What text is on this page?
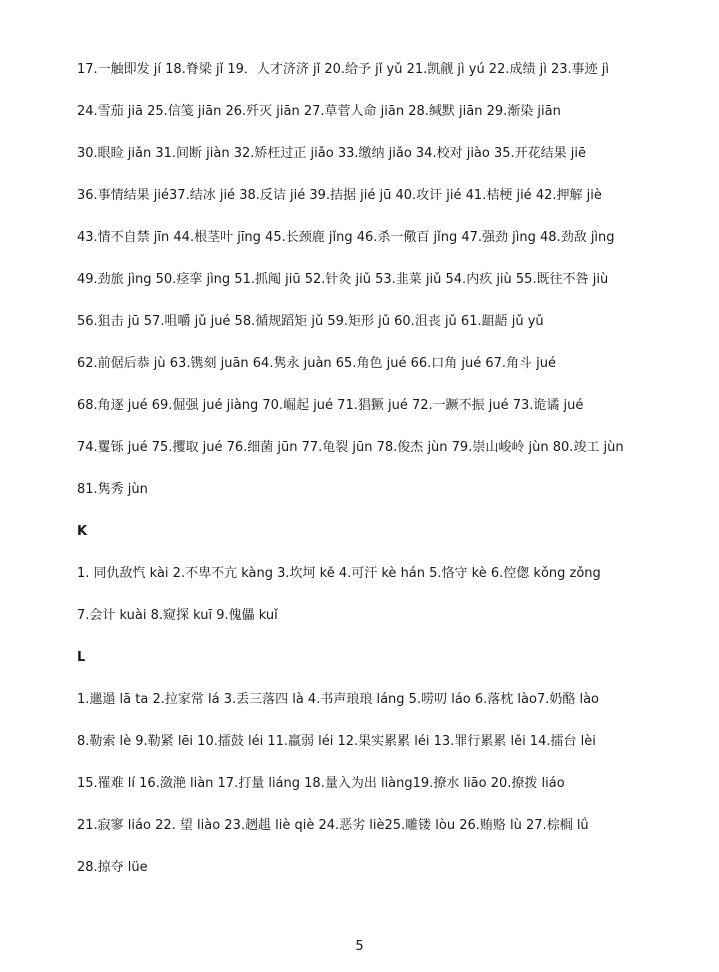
17.一触即发 jí 18.脊梁 jǐ 19．人才济济 jǐ 20.给予 jǐ yǔ 21.凯觎 jì yú 22.成绩 jì 23.事迹 jì
24.雪茄 jiā 25.信笺 jiān 26.歼灭 jiān 27.草菅人命 jiān 28.缄默 jiān 29.渐染 jiān
30.眼睑 jiǎn 31.间断 jiàn 32.矫枉过正 jiǎo 33.缴纳 jiǎo 34.校对 jiào 35.开花结果 jiē
36.事情结果 jié37.结冰 jié 38.反诘 jié 39.拮据 jié jū 40.攻讦 jié 41.桔梗 jié 42.押解 jiè
43.情不自禁 jīn 44.根茎叶 jīng 45.长颈鹿 jǐng 46.杀一儆百 jǐng 47.强劲 jìng 48.劲敌 jìng
49.劲旅 jìng 50.痉挛 jìng 51.抓阄 jiū 52.针灸 jiǔ 53.韭菜 jiǔ 54.内疚 jiù 55.既往不咎 jiù
56.狙击 jū 57.咀嚼 jǔ jué 58.循规蹈矩 jǔ 59.矩形 jǔ 60.沮丧 jǔ 61.龃龉 jǔ yǔ
62.前倨后恭 jù 63.镌刻 juān 64.隽永 juàn 65.角色 jué 66.口角 jué 67.角斗 jué
68.角逐 jué 69.倔强 jué jiàng 70.崛起 jué 71.猖獗 jué 72.一蹶不振 jué 73.诡谲 jué
74.矍铄 jué 75.攫取 jué 76.细菌 jūn 77.龟裂 jūn 78.俊杰 jùn 79.崇山峻岭 jùn 80.竣工 jùn
81.隽秀 jùn
K
1. 同仇敌忾 kài 2.不卑不亢 kàng 3.坎坷 kě 4.可汗 kè hán 5.恪守 kè 6.倥偬 kǒng zǒng
7.会计 kuài 8.窥探 kuī 9.傀儡 kuǐ
L
1.邋遢 lā ta 2.拉家常 lá 3.丢三落四 là 4.书声琅琅 láng 5.唠叨 láo 6.落枕 lào7.奶酪 lào
8.勒索 lè 9.勒紧 lēi 10.擂鼓 léi 11.羸弱 léi 12.果实累累 léi 13.罪行累累 lěi 14.擂台 lèi
15.罹难 lí 16.潋滟 liàn 17.打量 liáng 18.量入为出 liàng19.撩水 liāo 20.撩拨 liáo
21.寂寥 liáo 22. 望 liào 23.趔趄 liè qiè 24.恶劣 liè25.雕镂 lòu 26.贿赂 lù 27.棕榈 lǘ
28.掠夺 lüe
5
